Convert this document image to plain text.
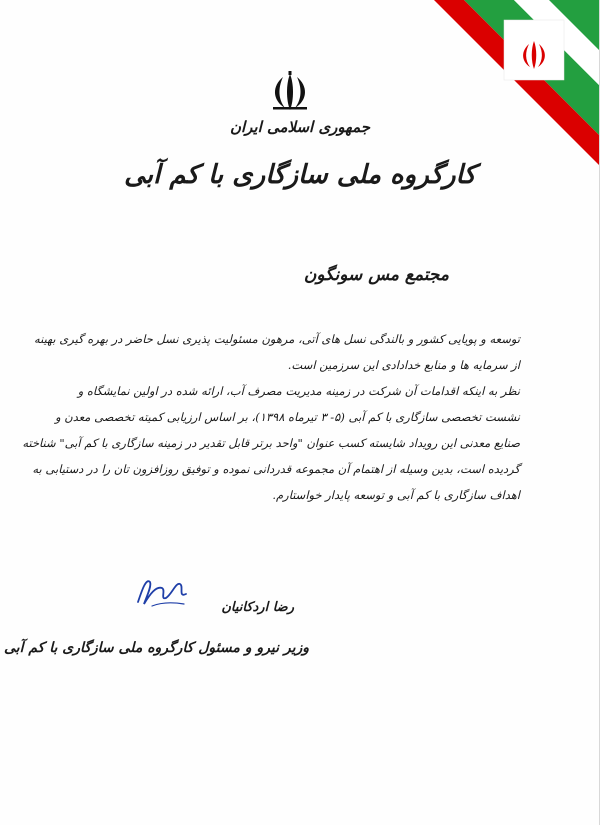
جمهوری اسلامی ایران
کارگروه ملی سازگاری با کم آبی
مجتمع مس سونگون
توسعه و پویایی کشور و بالندگی نسل های آتی، مرهون مسئولیت پذیری نسل حاضر در بهره گیری بهینه
از سرمایه ها و منابع خدادادی این سرزمین است.
نظر به اینکه اقدامات آن شرکت در زمینه مدیریت مصرف آب، ارائه شده در اولین نمایشگاه و
نشست تخصصی سازگاری با کم آبی (۵- ۳ تیرماه ۱۳۹۸)، بر اساس ارزیابی کمیته تخصصی معدن و
صنایع معدنی این رویداد شایسته کسب عنوان "واحد برتر قابل تقدیر در زمینه سازگاری با کم آبی" شناخته
گردیده است، بدین وسیله از اهتمام آن مجموعه قدردانی نموده و توفیق روزافزون تان را در دستیابی به
اهداف سازگاری با کم آبی و توسعه پایدار خواستارم.
رضا اردکانیان
وزیر نیرو و مسئول کارگروه ملی سازگاری با کم آبی
